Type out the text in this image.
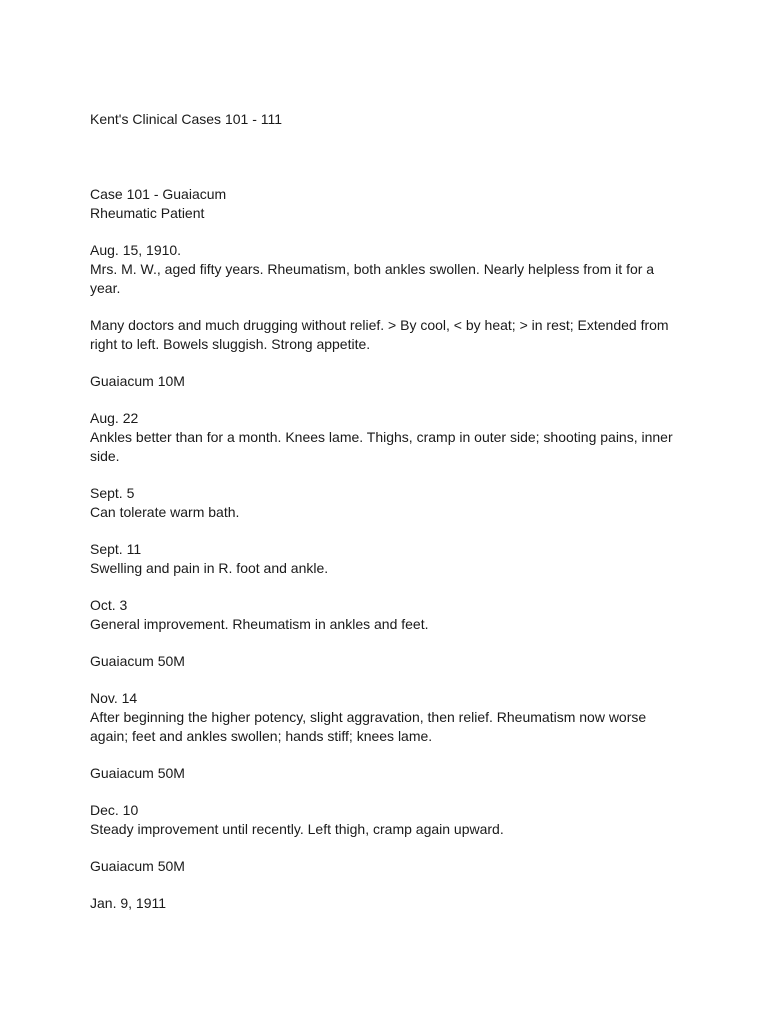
Kent's Clinical Cases 101 - 111

Case 101 - Guaiacum

Rheumatic Patient

Aug. 15, 1910.

Mrs. M. W., aged fifty years. Rheumatism, both ankles swollen. Nearly helpless from it for a year.

Many doctors and much drugging without relief. > By cool, < by heat; > in rest; Extended from right to left. Bowels sluggish. Strong appetite.

Guaiacum 10M

Aug. 22

Ankles better than for a month. Knees lame. Thighs, cramp in outer side; shooting pains, inner side.

Sept. 5

Can tolerate warm bath.

Sept. 11

Swelling and pain in R. foot and ankle.

Oct. 3

General improvement. Rheumatism in ankles and feet.

Guaiacum 50M

Nov. 14

After beginning the higher potency, slight aggravation, then relief. Rheumatism now worse again; feet and ankles swollen; hands stiff; knees lame.

Guaiacum 50M

Dec. 10

Steady improvement until recently. Left thigh, cramp again upward.

Guaiacum 50M

Jan. 9, 1911
